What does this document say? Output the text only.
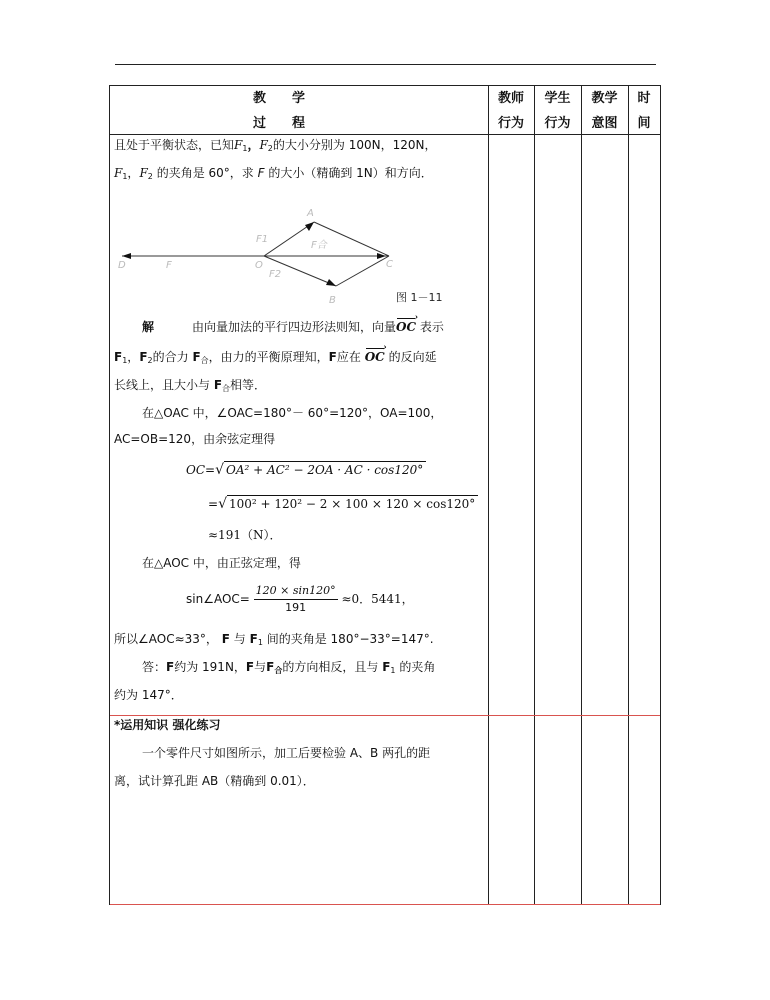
教　　学
过　　程
教师
行为
学生
行为
教学
意图
时
间
且处于平衡状态，已知$F_1$，$F_2$的大小分别为 100N，120N，
$F_1$，$F_2$ 的夹角是 60°，求 F 的大小（精确到 1N）和方向．
A
B
C
D	O
F
F1
F2
F合
图 1－11
解	由向量加法的平行四边形法则知，向量OC › 表示
$F_1$，$F_2$的合力 $F_合$，由力的平衡原理知，F应在 OC › 的反向延
长线上，且大小与 $F_合$相等．
在△OAC 中，∠OAC=180°－ 60°=120°，OA=100，
AC=OB=120，由余弦定理得
OC=√ OA² + AC² − 2OA · AC · cos120°
=√ 100² + 120² − 2 × 100 × 120 × cos120°
≈191（N）．
在△AOC 中，由正弦定理，得
sin∠AOC= $\frac{120 \times \sin 120^\circ}{191} \approx 0$．5441，
所以∠AOC≈33°， F 与 $F_1$ 间的夹角是 180°−33°=147°.
答：F约为 191N，F与$F_合$的方向相反，且与 $F_1$ 的夹角
约为 147°．
*运用知识 强化练习
一个零件尺寸如图所示，加工后要检验 A、B 两孔的距
离，试计算孔距 AB（精确到 0.01）．
